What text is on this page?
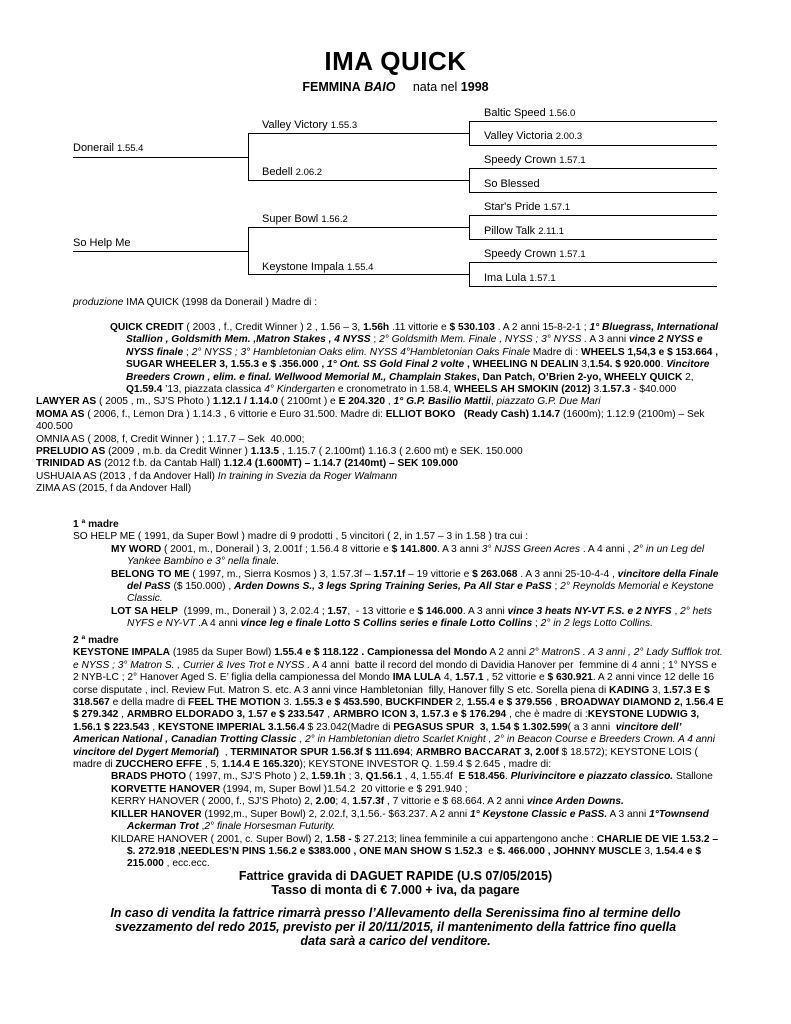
IMA QUICK
FEMMINA BAIO nata nel 1998
Donerail 1.55.4
So Help Me
Valley Victory 1.55.3
Bedell 2.06.2
Super Bowl 1.56.2
Keystone Impala 1.55.4
Baltic Speed 1.56.0
Valley Victoria 2.00.3
Speedy Crown 1.57.1
So Blessed
Star's Pride 1.57.1
Pillow Talk 2.11.1
Speedy Crown 1.57.1
Ima Lula 1.57.1
produzione IMA QUICK (1998 da Donerail ) Madre di :
QUICK CREDIT ( 2003 , f., Credit Winner ) 2 , 1.56 – 3, 1.56h .11 vittorie e $ 530.103 . A 2 anni 15-8-2-1 ; 1° Bluegrass, International Stallion , Goldsmith Mem. ,Matron Stakes , 4 NYSS ; 2° Goldsmith Mem. Finale , NYSS ; 3° NYSS . A 3 anni vince 2 NYSS e NYSS finale ; 2° NYSS ; 3° Hambletonian Oaks elim. NYSS 4°Hambletonian Oaks Finale Madre di : WHEELS 1,54,3 e $ 153.664 , SUGAR WHEELER 3, 1.55.3 e $ .356.000 , 1° Ont. SS Gold Final 2 volte , WHEELING N DEALIN 3,1.54. $ 920.000. Vincitore Breeders Crown , elim. e final. Wellwood Memorial M., Champlain Stakes, Dan Patch, O’Brien 2-yo, WHEELY QUICK 2, Q1.59.4 ’13, piazzata classica 4° Kindergarten e cronometrato in 1.58.4, WHEELS AH SMOKIN (2012) 3.1.57.3 - $40.000
LAWYER AS ( 2005 , m., SJ’S Photo ) 1.12.1 / 1.14.0 ( 2100mt ) e E 204.320 , 1° G.P. Basilio Mattii, piazzato G.P. Due Mari
MOMA AS ( 2006, f., Lemon Dra ) 1.14.3 , 6 vittorie e Euro 31.500. Madre di: ELLIOT BOKO   (Ready Cash) 1.14.7 (1600m); 1.12.9 (2100m) – Sek 400.500
OMNIA AS ( 2008, f, Credit Winner ) ; 1.17.7 – Sek  40.000;
PRELUDIO AS (2009 , m.b. da Credit Winner ) 1.13.5 , 1.15.7 ( 2.100mt) 1.16.3 ( 2.600 mt) e SEK. 150.000
TRINIDAD AS (2012 f.b. da Cantab Hall) 1.12.4 (1.600MT) – 1.14.7 (2140mt) – SEK 109.000
USHUAIA AS (2013 , f da Andover Hall) In training in Svezia da Roger Walmann
ZIMA AS (2015, f da Andover Hall)
1 ª madre
SO HELP ME ( 1991, da Super Bowl ) madre di 9 prodotti , 5 vincitori ( 2, in 1.57 – 3 in 1.58 ) tra cui :
MY WORD ( 2001, m., Donerail ) 3, 2.001f ; 1.56.4 8 vittorie e $ 141.800. A 3 anni 3° NJSS Green Acres . A 4 anni , 2° in un Leg del Yankee Bambino e 3° nella finale.
BELONG TO ME ( 1997, m., Sierra Kosmos ) 3, 1.57.3f – 1.57.1f – 19 vittorie e $ 263.068 . A 3 anni 25-10-4-4 , vincitore della Finale del PaSS ($ 150.000) , Arden Downs S., 3 legs Spring Training Series, Pa All Star e PaSS ; 2° Reynolds Memorial e Keystone Classic.
LOT SA HELP  (1999, m., Donerail ) 3, 2.02.4 ; 1.57,  - 13 vittorie e $ 146.000. A 3 anni vince 3 heats NY-VT F.S. e 2 NYFS , 2° hets NYFS e NY-VT .A 4 anni vince leg e finale Lotto S Collins series e finale Lotto Collins ; 2° in 2 legs Lotto Collins.
2 ª madre
KEYSTONE IMPALA (1985 da Super Bowl) 1.55.4 e $ 118.122 . Campionessa del Mondo A 2 anni 2° MatronS . A 3 anni , 2° Lady Sufflok trot. e NYSS ; 3° Matron S. , Currier & Ives Trot e NYSS . A 4 anni  batte il record del mondo di Davidia Hanover per  femmine di 4 anni ; 1° NYSS e 2 NYB-LC ; 2° Hanover Aged S. E’ figlia della campionessa del Mondo IMA LULA 4, 1.57.1 , 52 vittorie e $ 630.921. A 2 anni vince 12 delle 16 corse disputate , incl. Review Fut. Matron S. etc. A 3 anni vince Hambletonian  filly, Hanover filly S etc. Sorella piena di KADING 3, 1.57.3 E $ 318.567 e della madre di FEEL THE MOTION 3. 1.55.3 e $ 453.590, BUCKFINDER 2, 1.55.4 e $ 379.556 , BROADWAY DIAMOND 2, 1.56.4 E $ 279.342 , ARMBRO ELDORADO 3, 1.57 e $ 233.547 , ARMBRO ICON 3, 1.57.3 e $ 176.294 , che è madre di :KEYSTONE LUDWIG 3, 1.56.1 $ 223.543 , KEYSTONE IMPERIAL 3.1.56.4 $ 23.042(Madre di PEGASUS SPUR 3, 1.54 $ 1.302.599( a 3 anni  vincitore dell’ American National , Canadian Trotting Classic , 2° in Hambletonian dietro Scarlet Knight , 2° in Beacon Course e Breeders Crown. A 4 anni vincitore del Dygert Memorial)  , TERMINATOR SPUR 1.56.3f $ 111.694; ARMBRO BACCARAT 3, 2.00f $ 18.572); KEYSTONE LOIS ( madre di ZUCCHERO EFFE , 5, 1.14.4 E 165.320); KEYSTONE INVESTOR Q. 1.59.4 $ 2.645 , madre di:
BRADS PHOTO ( 1997, m., SJ’S Photo ) 2, 1.59.1h ; 3, Q1.56.1 , 4, 1.55.4f  E 518.456. Plurivincitore e piazzato classico. Stallone
KORVETTE HANOVER (1994, m, Super Bowl )1.54.2  20 vittorie e $ 291.940 ;
KERRY HANOVER ( 2000, f., SJ’S Photo) 2, 2.00; 4, 1.57.3f , 7 vittorie e $ 68.664. A 2 anni vince Arden Downs.
KILLER HANOVER (1992,m., Super Bowl) 2, 2.02.f, 3,1.56.- $63.237. A 2 anni 1° Keystone Classic e PaSS. A 3 anni 1°Townsend Ackerman Trot ,2° finale Horsesman Futurity.
KILDARE HANOVER ( 2001, c. Super Bowl) 2, 1.58 - $ 27.213; linea femminile a cui appartengono anche : CHARLIE DE VIE 1.53.2 – $. 272.918 ,NEEDLES’N PINS 1.56.2 e $383.000 , ONE MAN SHOW S 1.52.3  e $. 466.000 , JOHNNY MUSCLE 3, 1.54.4 e $ 215.000 , ecc.ecc.
Fattrice gravida di DAGUET RAPIDE (U.S 07/05/2015)
Tasso di monta di € 7.000 + iva, da pagare
In caso di vendita la fattrice rimarrà presso l’Allevamento della Serenissima fino al termine dello svezzamento del redo 2015, previsto per il 20/11/2015, il mantenimento della fattrice fino quella data sarà a carico del venditore.
